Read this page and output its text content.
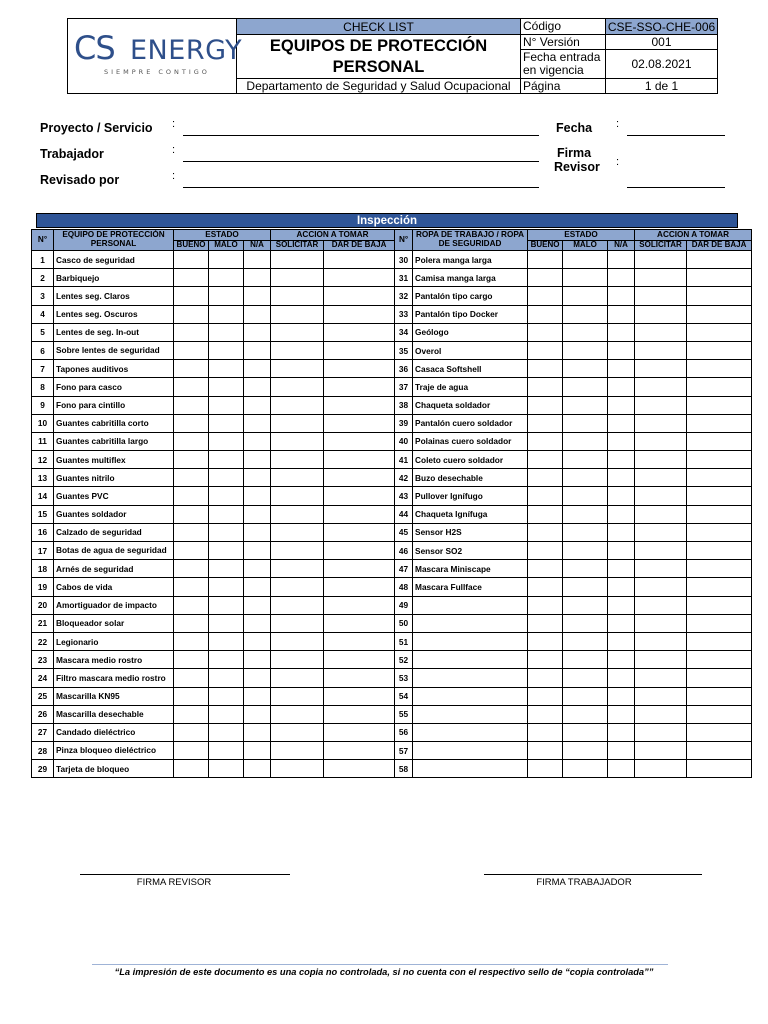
CS ENERGY
SIEMPRE CONTIGO	CHECK LIST	Código	CSE-SSO-CHE-006

	EQUIPOS DE PROTECCIÓN
PERSONAL	N° Versión	001

		Fecha entrada
en vigencia	02.08.2021
	Departamento de Seguridad y Salud Ocupacional	Página	1 de 1
Proyecto / Servicio :
Trabajador	:
Revisado por	:
Fecha :
Firma
Revisor :
Inspección
N°	EQUIPO DE PROTECCIÓN PERSONAL	ESTADO			ACCION A TOMAR		N°	ROPA DE TRABAJO / ROPA DE SEGURIDAD	ESTADO			ACCION A TOMAR	
		BUENO	MALO	N/A	SOLICITAR	DAR DE BAJA			BUENO	MALO	N/A	SOLICITAR	DAR DE BAJA
1	Casco de seguridad						30	Polera manga larga					
2	Barbiquejo						31	Camisa manga larga					
3	Lentes seg. Claros						32	Pantalón tipo cargo					
4	Lentes seg. Oscuros						33	Pantalón tipo Docker					
5	Lentes de seg. In-out						34	Geólogo					
6	Sobre lentes de seguridad						35	Overol					
7	Tapones auditivos						36	Casaca Softshell					
8	Fono para casco						37	Traje de agua					
9	Fono para cintillo						38	Chaqueta soldador					
10	Guantes cabritilla corto						39	Pantalón cuero soldador					
11	Guantes cabritilla largo						40	Polainas cuero soldador					
12	Guantes multiflex						41	Coleto cuero soldador					
13	Guantes nitrilo						42	Buzo desechable					
14	Guantes PVC						43	Pullover Ignífugo					
15	Guantes soldador						44	Chaqueta Ignífuga					
16	Calzado de seguridad						45	Sensor H2S					
17	Botas de agua de seguridad						46	Sensor SO2					
18	Arnés de seguridad						47	Mascara Miniscape					
19	Cabos de vida						48	Mascara Fullface					
20	Amortiguador de impacto						49						
21	Bloqueador solar						50						
22	Legionario						51						
23	Mascara medio rostro						52						
24	Filtro mascara medio rostro						53						
25	Mascarilla KN95						54						
26	Mascarilla desechable						55						
27	Candado dieléctrico						56						
28	Pinza bloqueo dieléctrico						57						
29	Tarjeta de bloqueo						58						
FIRMA REVISOR	FIRMA TRABAJADOR
“La impresión de este documento es una copia no controlada, si no cuenta con el respectivo sello de “copia controlada””
